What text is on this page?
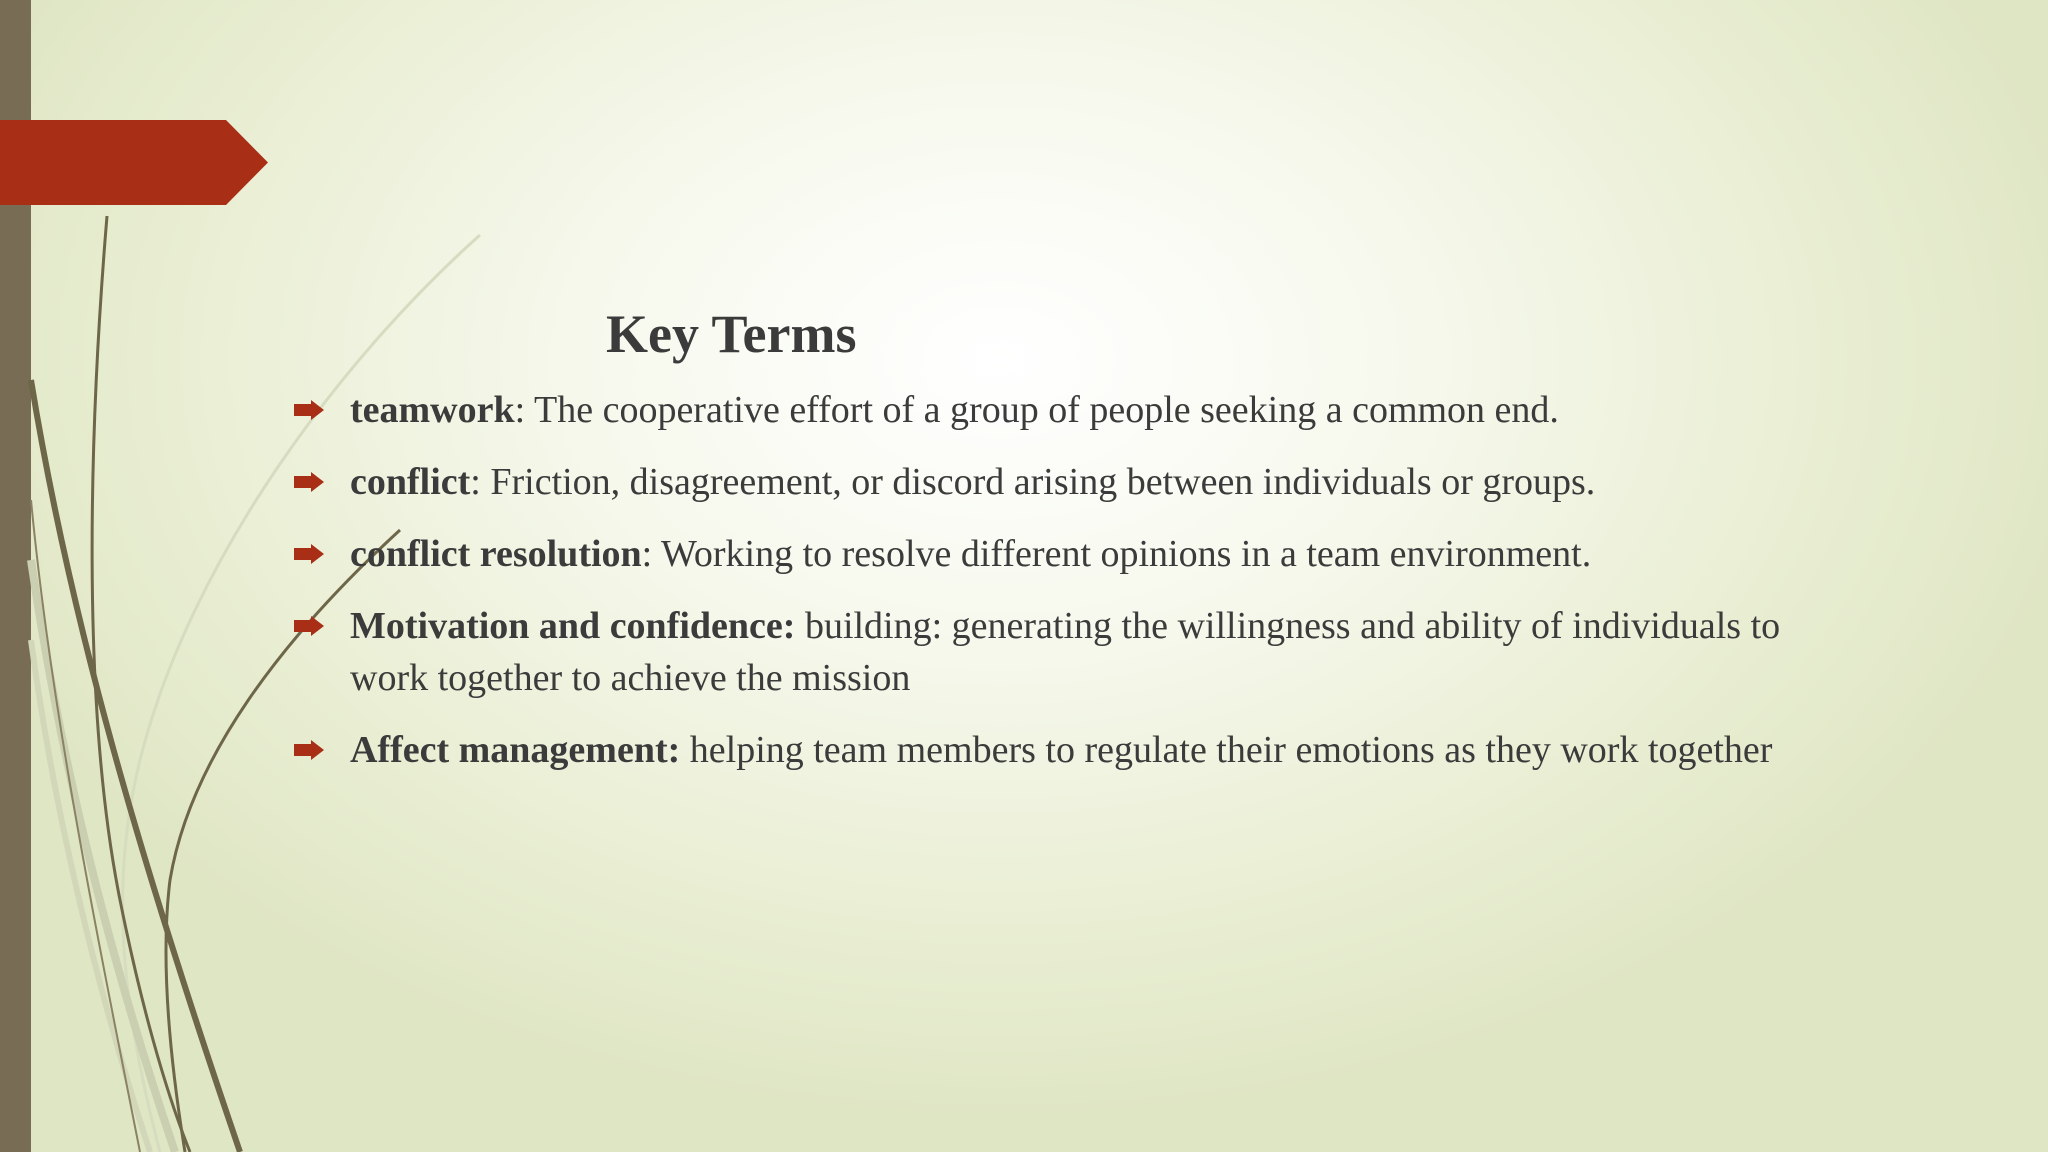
Key Terms
teamwork: The cooperative effort of a group of people seeking a common end.
conflict: Friction, disagreement, or discord arising between individuals or groups.
conflict resolution: Working to resolve different opinions in a team environment.
Motivation and confidence: building: generating the willingness and ability of individuals to work together to achieve the mission
Affect management: helping team members to regulate their emotions as they work together
